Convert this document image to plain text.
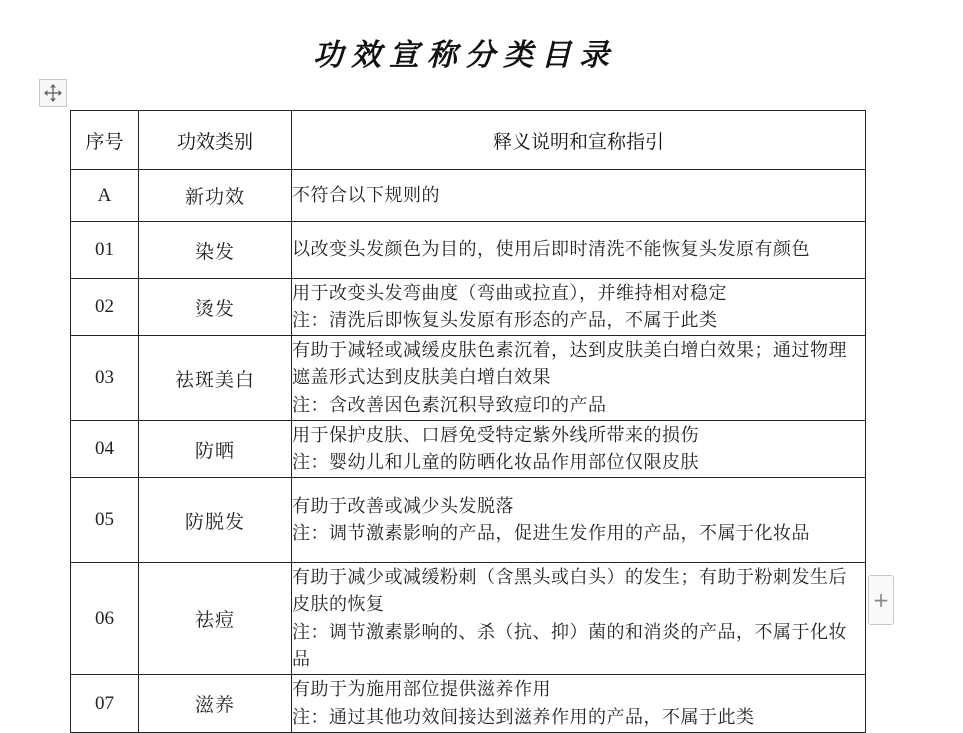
功效宣称分类目录
序号	功效类别	释义说明和宣称指引
A	新功效	不符合以下规则的

01	染发	以改变头发颜色为目的，使用后即时清洗不能恢复头发原有颜色

02	烫发	用于改变头发弯曲度（弯曲或拉直），并维持相对稳定
注：清洗后即恢复头发原有形态的产品，不属于此类

03	祛斑美白	有助于减轻或减缓皮肤色素沉着，达到皮肤美白增白效果；通过物理遮盖形式达到皮肤美白增白效果
注：含改善因色素沉积导致痘印的产品

04	防晒	用于保护皮肤、口唇免受特定紫外线所带来的损伤
注：婴幼儿和儿童的防晒化妆品作用部位仅限皮肤

05	防脱发	有助于改善或减少头发脱落
注：调节激素影响的产品，促进生发作用的产品，不属于化妆品

06	祛痘	有助于减少或减缓粉刺（含黑头或白头）的发生；有助于粉刺发生后皮肤的恢复
注：调节激素影响的、杀（抗、抑）菌的和消炎的产品，不属于化妆品

07	滋养	有助于为施用部位提供滋养作用
注：通过其他功效间接达到滋养作用的产品，不属于此类
+
